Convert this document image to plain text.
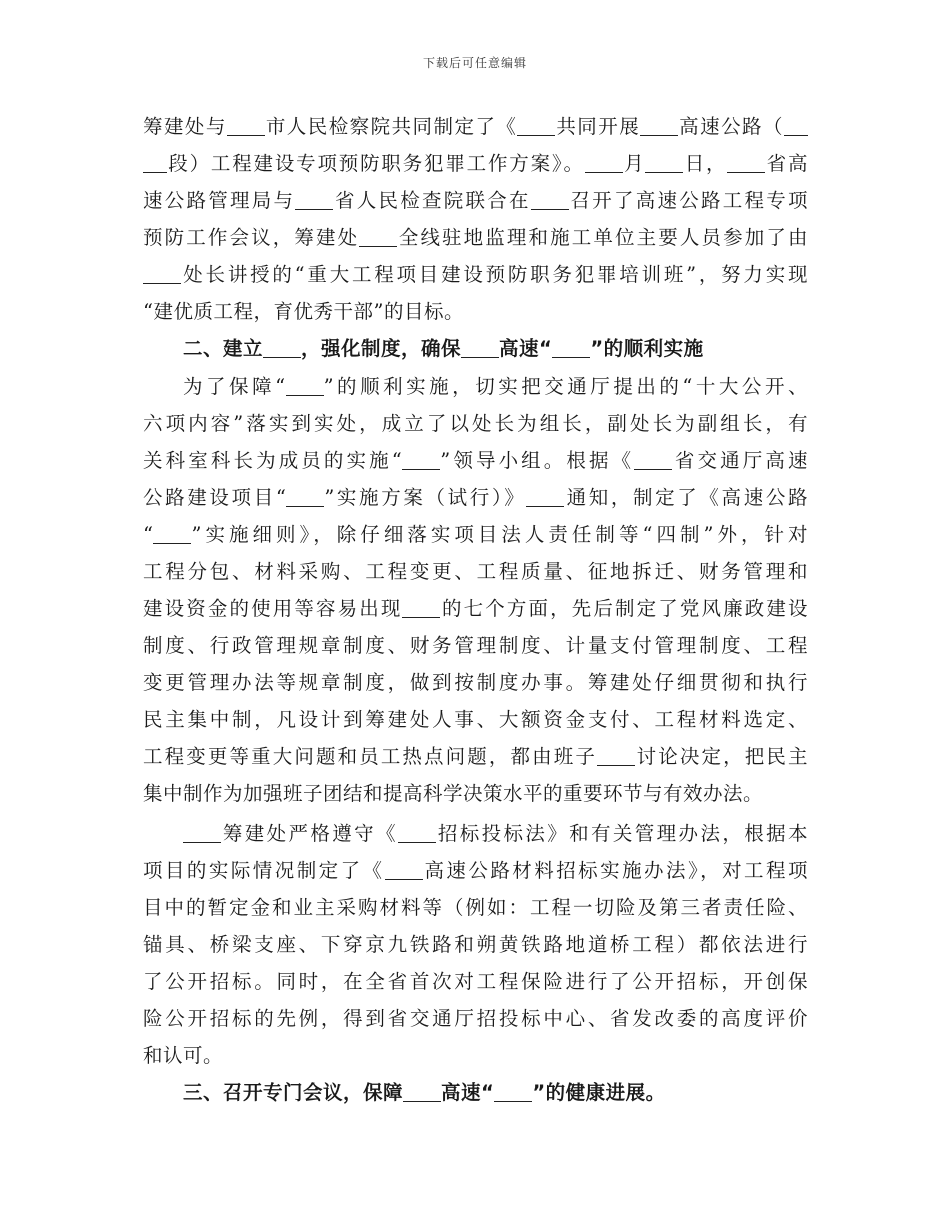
下载后可任意编辑
筹建处与 市人民检察院共同制定了《 共同开展 高速公路（
段）工程建设专项预防职务犯罪工作方案》。 月 日， 省高
速公路管理局与 省人民检查院联合在 召开了高速公路工程专项
预防工作会议，筹建处 全线驻地监理和施工单位主要人员参加了由
处长讲授的“重大工程项目建设预防职务犯罪培训班”，努力实现
“建优质工程，育优秀干部”的目标。
二、建立 ，强化制度，确保 高速“ ”的顺利实施
为了保障“ ”的顺利实施，切实把交通厅提出的“十大公开、
六项内容”落实到实处，成立了以处长为组长，副处长为副组长，有
关科室科长为成员的实施“ ”领导小组。根据《 省交通厅高速
公路建设项目“ ”实施方案（试行）》 通知，制定了《高速公路
“ ”实施细则》，除仔细落实项目法人责任制等“四制”外，针对
工程分包、材料采购、工程变更、工程质量、征地拆迁、财务管理和
建设资金的使用等容易出现 的七个方面，先后制定了党风廉政建设
制度、行政管理规章制度、财务管理制度、计量支付管理制度、工程
变更管理办法等规章制度，做到按制度办事。筹建处仔细贯彻和执行
民主集中制，凡设计到筹建处人事、大额资金支付、工程材料选定、
工程变更等重大问题和员工热点问题，都由班子 讨论决定，把民主
集中制作为加强班子团结和提高科学决策水平的重要环节与有效办法。
筹建处严格遵守《 招标投标法》和有关管理办法，根据本
项目的实际情况制定了《 高速公路材料招标实施办法》，对工程项
目中的暂定金和业主采购材料等（例如：工程一切险及第三者责任险、
锚具、桥梁支座、下穿京九铁路和朔黄铁路地道桥工程）都依法进行
了公开招标。同时，在全省首次对工程保险进行了公开招标，开创保
险公开招标的先例，得到省交通厅招投标中心、省发改委的高度评价
和认可。
三、召开专门会议，保障 高速“ ”的健康进展。
